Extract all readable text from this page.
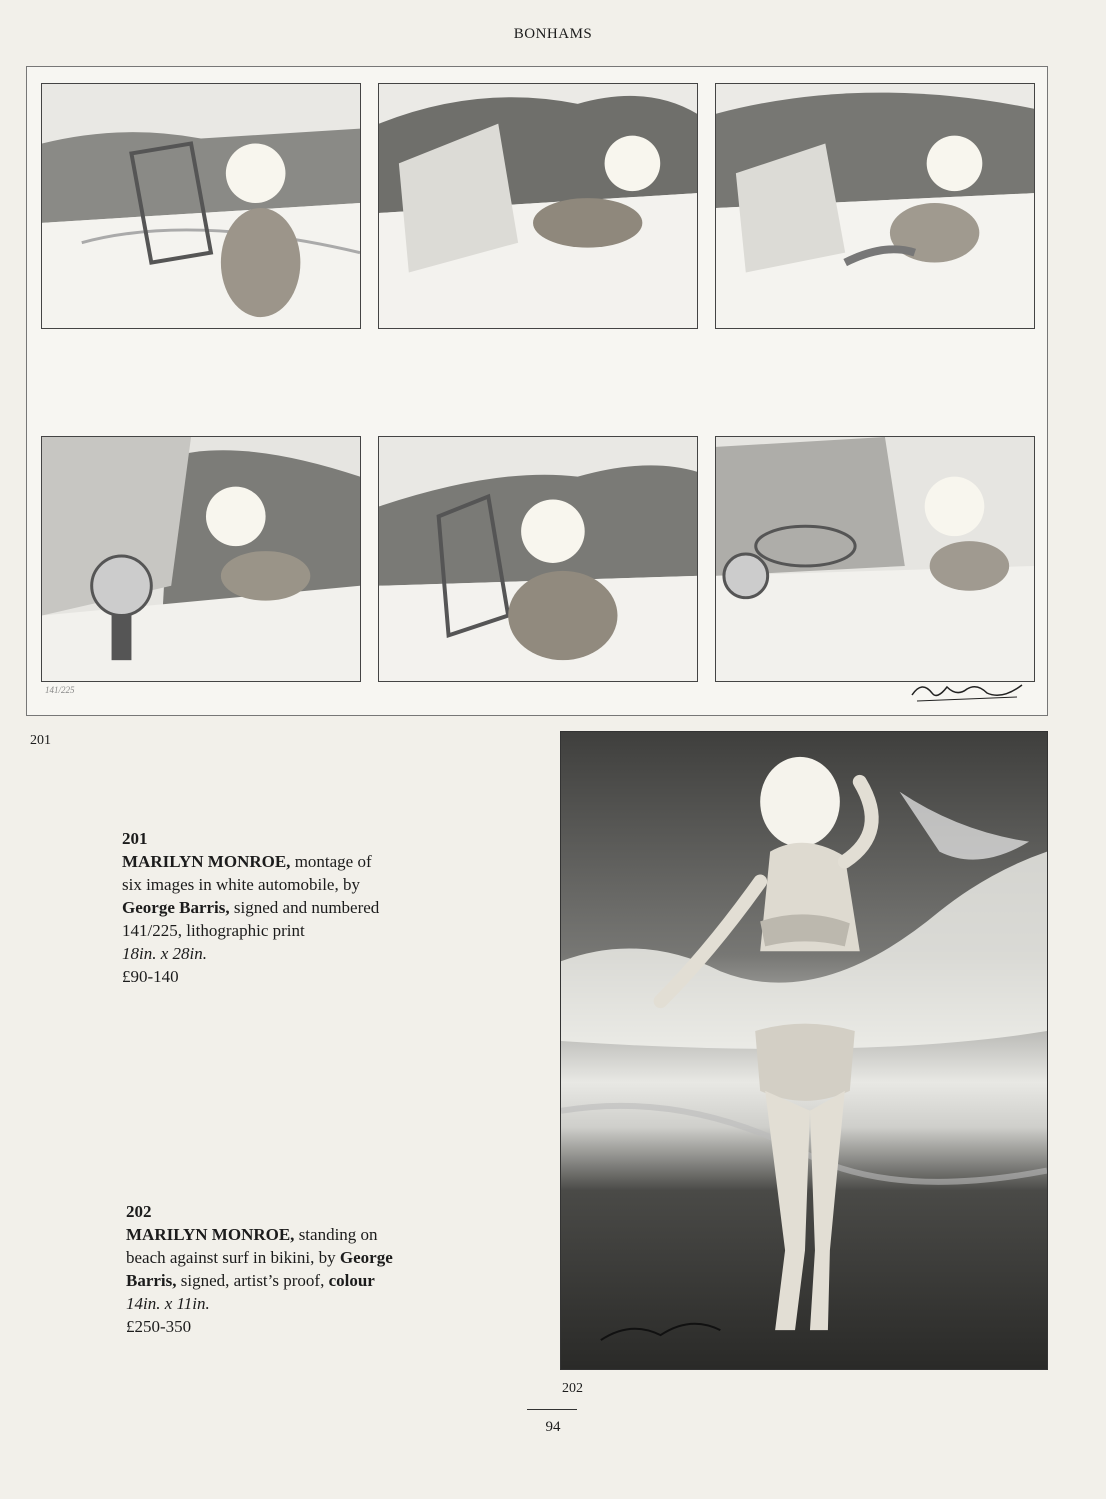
BONHAMS
141/225
201
201
MARILYN MONROE, montage of
six images in white automobile, by
George Barris, signed and numbered
141/225, lithographic print
18in. x 28in.
£90-140
202
MARILYN MONROE, standing on
beach against surf in bikini, by George
Barris, signed, artist’s proof, colour
14in. x 11in.
£250-350
202
94
